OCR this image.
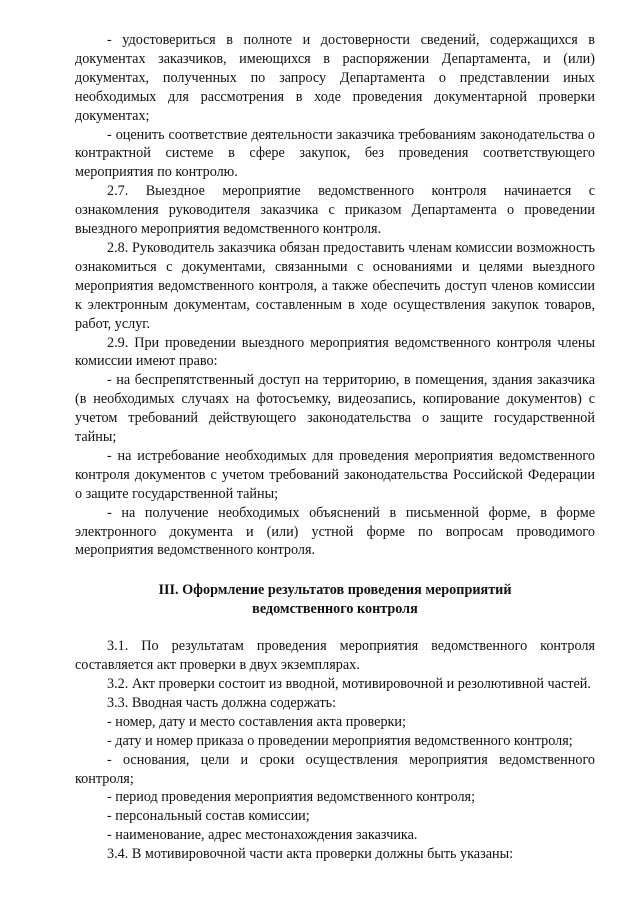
- удостовериться в полноте и достоверности сведений, содержащихся в документах заказчиков, имеющихся в распоряжении Департамента, и (или) документах, полученных по запросу Департамента о представлении иных необходимых для рассмотрения в ходе проведения документарной проверки документах;

- оценить соответствие деятельности заказчика требованиям законодательства о контрактной системе в сфере закупок, без проведения соответствующего мероприятия по контролю.

2.7. Выездное мероприятие ведомственного контроля начинается с ознакомления руководителя заказчика с приказом Департамента о проведении выездного мероприятия ведомственного контроля.

2.8. Руководитель заказчика обязан предоставить членам комиссии возможность ознакомиться с документами, связанными с основаниями и целями выездного мероприятия ведомственного контроля, а также обеспечить доступ членов комиссии к электронным документам, составленным в ходе осуществления закупок товаров, работ, услуг.

2.9. При проведении выездного мероприятия ведомственного контроля члены комиссии имеют право:

- на беспрепятственный доступ на территорию, в помещения, здания заказчика (в необходимых случаях на фотосъемку, видеозапись, копирование документов) с учетом требований действующего законодательства о защите государственной тайны;

- на истребование необходимых для проведения мероприятия ведомственного контроля документов с учетом требований законодательства Российской Федерации о защите государственной тайны;

- на получение необходимых объяснений в письменной форме, в форме электронного документа и (или) устной форме по вопросам проводимого мероприятия ведомственного контроля.

III. Оформление результатов проведения мероприятий
ведомственного контроля

3.1. По результатам проведения мероприятия ведомственного контроля составляется акт проверки в двух экземплярах.

3.2. Акт проверки состоит из вводной, мотивировочной и резолютивной частей.

3.3. Вводная часть должна содержать:

- номер, дату и место составления акта проверки;

- дату и номер приказа о проведении мероприятия ведомственного контроля;

- основания, цели и сроки осуществления мероприятия ведомственного контроля;

- период проведения мероприятия ведомственного контроля;

- персональный состав комиссии;

- наименование, адрес местонахождения заказчика.

3.4. В мотивировочной части акта проверки должны быть указаны:
